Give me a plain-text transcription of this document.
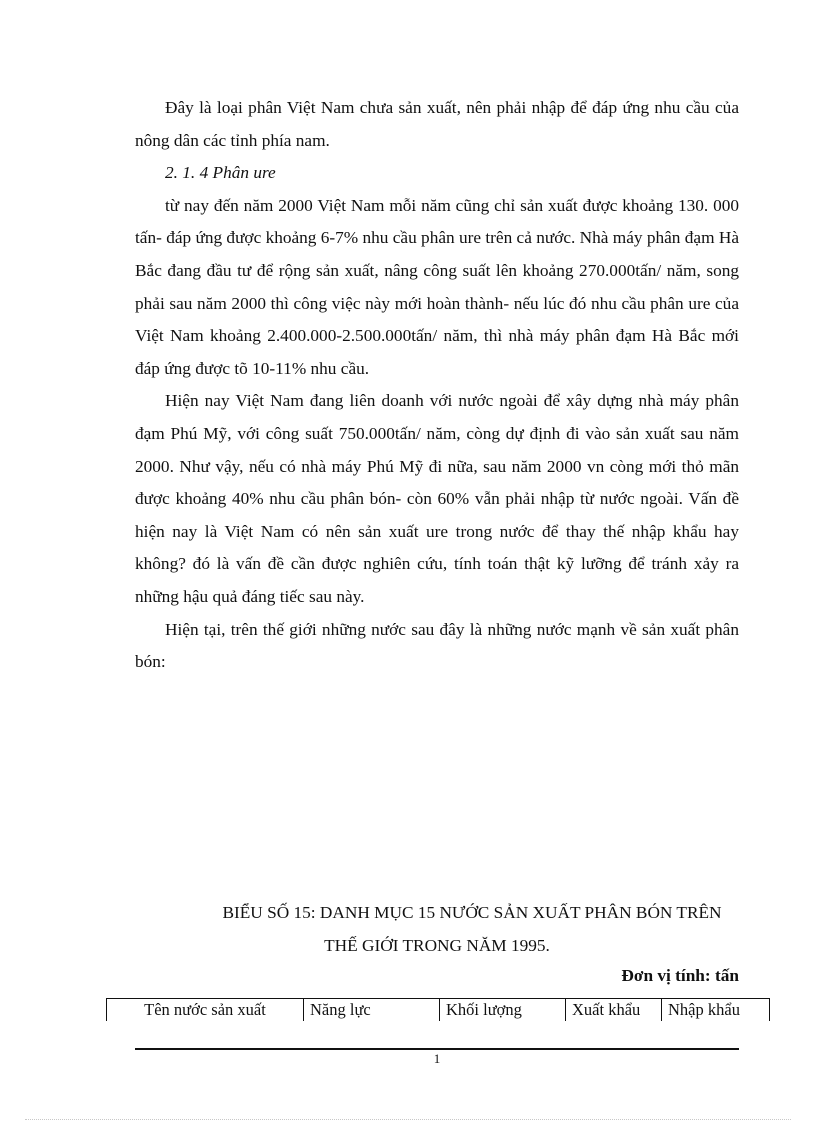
Đây là loại phân Việt Nam chưa sản xuất, nên phải nhập để đáp ứng nhu cầu của nông dân các tỉnh phía nam.

2. 1. 4 Phân ure

từ nay đến năm 2000 Việt Nam mỗi năm cũng chỉ sản xuất được khoảng 130. 000 tấn- đáp ứng được khoảng 6-7% nhu cầu phân ure trên cả nước. Nhà máy phân đạm Hà Bắc đang đầu tư để rộng sản xuất, nâng công suất lên khoảng 270.000tấn/ năm, song phải sau năm 2000 thì công việc này mới hoàn thành- nếu lúc đó nhu cầu phân ure của Việt Nam khoảng 2.400.000-2.500.000tấn/ năm, thì nhà máy phân đạm Hà Bắc mới đáp ứng được tõ 10-11% nhu cầu.

Hiện nay Việt Nam đang liên doanh với nước ngoài để xây dựng nhà máy phân đạm Phú Mỹ, với công suất 750.000tấn/ năm, còng dự định đi vào sản xuất sau năm 2000. Như vậy, nếu có nhà máy Phú Mỹ đi nữa, sau năm 2000 vn còng mới thỏ mãn được khoảng 40% nhu cầu phân bón- còn 60% vẫn phải nhập từ nước ngoài. Vấn đề hiện nay là Việt Nam có nên sản xuất ure trong nước để thay thế nhập khẩu hay không? đó là vấn đề cần được nghiên cứu, tính toán thật kỹ lưỡng để tránh xảy ra những hậu quả đáng tiếc sau này.

Hiện tại, trên thế giới những nước sau đây là những nước mạnh về sản xuất phân bón:

BIỂU SỐ 15: DANH MỤC 15 NƯỚC SẢN XUẤT PHÂN BÓN TRÊN
THẾ GIỚI TRONG NĂM 1995.
Đơn vị tính: tấn
Tên nước sản xuất	Năng lực	Khối lượng	Xuất khẩu	Nhập khẩu
1
